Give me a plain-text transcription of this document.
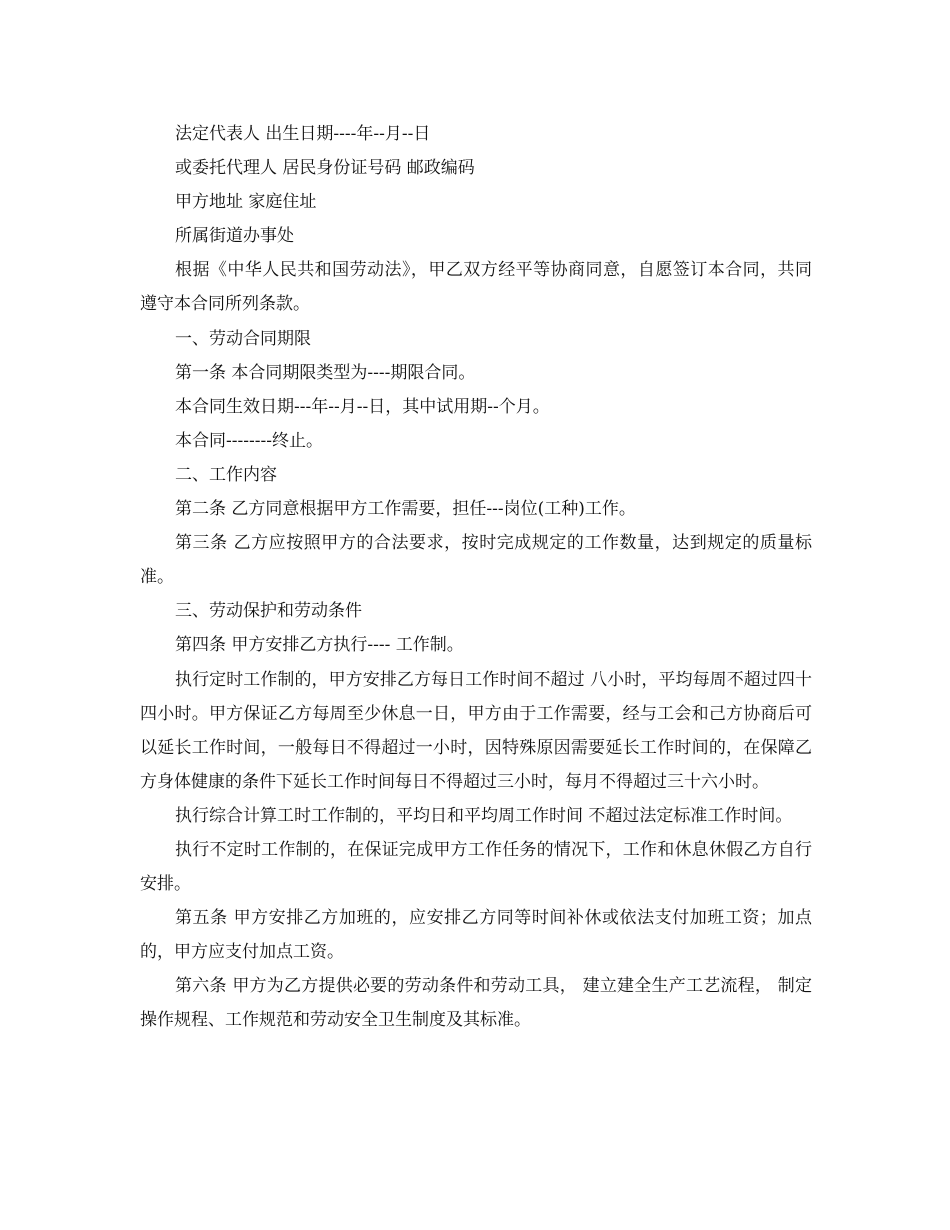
法定代表人 出生日期----年--月--日

或委托代理人 居民身份证号码 邮政编码

甲方地址 家庭住址

所属街道办事处

根据《中华人民共和国劳动法》，甲乙双方经平等协商同意，自愿签订本合同，共同遵守本合同所列条款。

一、劳动合同期限

第一条 本合同期限类型为----期限合同。

本合同生效日期---年--月--日，其中试用期--个月。

本合同--------终止。

二、工作内容

第二条 乙方同意根据甲方工作需要，担任---岗位(工种)工作。

第三条 乙方应按照甲方的合法要求，按时完成规定的工作数量，达到规定的质量标准。

三、劳动保护和劳动条件

第四条 甲方安排乙方执行---- 工作制。

执行定时工作制的，甲方安排乙方每日工作时间不超过 八小时，平均每周不超过四十四小时。甲方保证乙方每周至少休息一日，甲方由于工作需要，经与工会和己方协商后可以延长工作时间，一般每日不得超过一小时，因特殊原因需要延长工作时间的，在保障乙方身体健康的条件下延长工作时间每日不得超过三小时，每月不得超过三十六小时。

执行综合计算工时工作制的，平均日和平均周工作时间 不超过法定标准工作时间。

执行不定时工作制的，在保证完成甲方工作任务的情况下，工作和休息休假乙方自行安排。

第五条 甲方安排乙方加班的，应安排乙方同等时间补休或依法支付加班工资；加点的，甲方应支付加点工资。

第六条 甲方为乙方提供必要的劳动条件和劳动工具， 建立建全生产工艺流程， 制定操作规程、工作规范和劳动安全卫生制度及其标准。
